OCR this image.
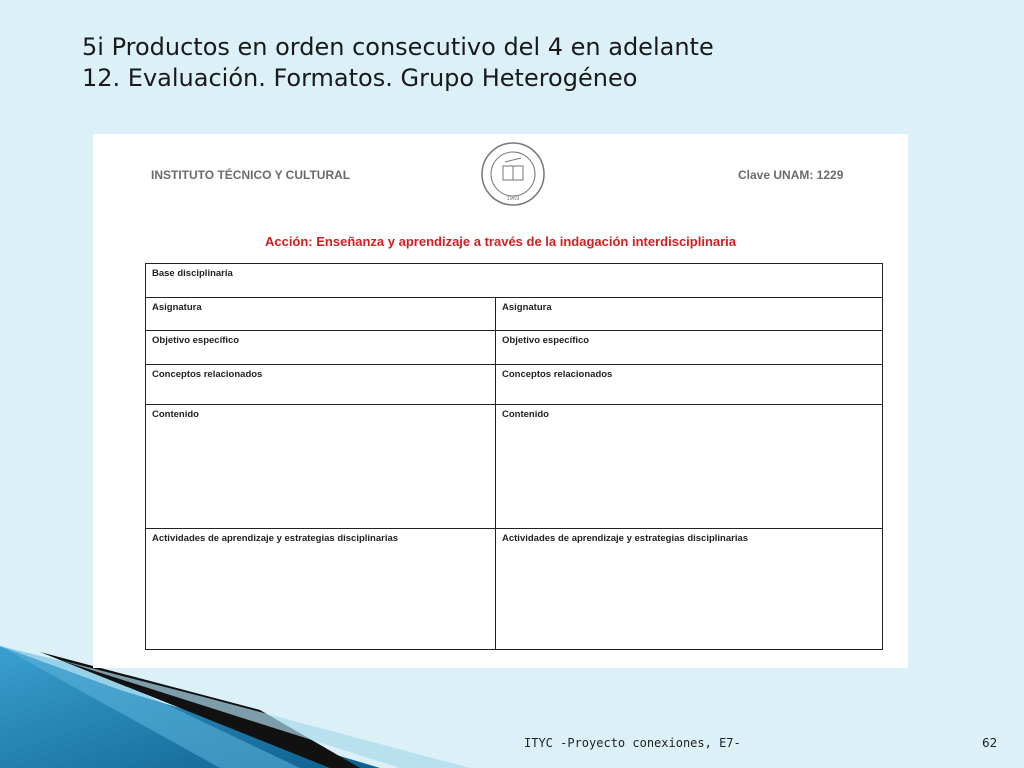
5i Productos en orden consecutivo del 4 en adelante
12. Evaluación. Formatos. Grupo Heterogéneo
INSTITUTO TÉCNICO Y CULTURAL
1969
Clave UNAM: 1229
Acción: Enseñanza y aprendizaje a través de la indagación interdisciplinaria
Base disciplinaria
Asignatura	Asignatura
Objetivo específico	Objetivo específico
Conceptos relacionados	Conceptos relacionados
Contenido	Contenido
Actividades de aprendizaje y estrategias disciplinarias	Actividades de aprendizaje y estrategias disciplinarias
ITYC -Proyecto conexiones, E7-	62
